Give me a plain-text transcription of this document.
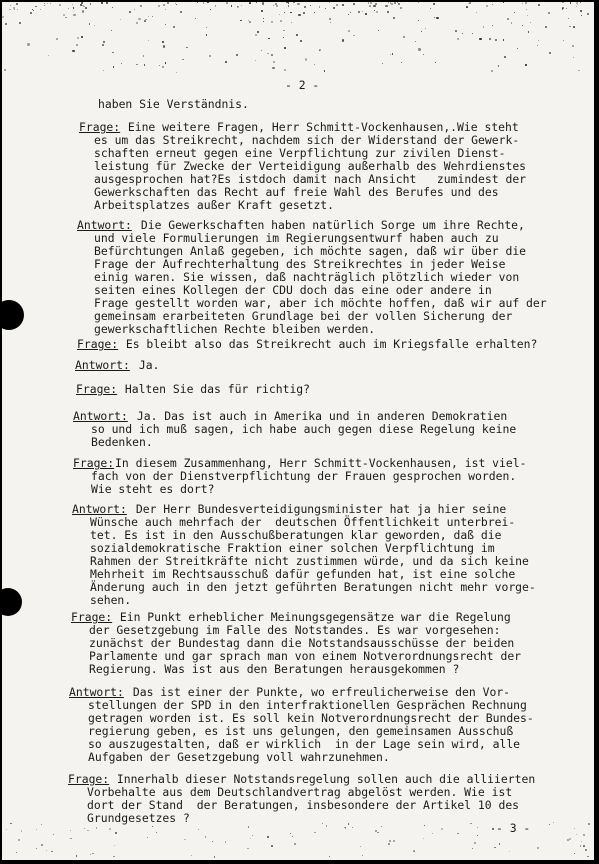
- 2 -
haben Sie Verständnis.
Frage: Eine weitere Fragen, Herr Schmitt-Vockenhausen,.Wie steht
es um das Streikrecht, nachdem sich der Widerstand der Gewerk-
schaften erneut gegen eine Verpflichtung zur zivilen Dienst-
leistung für Zwecke der Verteidigung außerhalb des Wehrdienstes
ausgesprochen hat?Es istdoch damit nach Ansicht   zumindest der
Gewerkschaften das Recht auf freie Wahl des Berufes und des
Arbeitsplatzes außer Kraft gesetzt.
Antwort: Die Gewerkschaften haben natürlich Sorge um ihre Rechte,
und viele Formulierungen im Regierungsentwurf haben auch zu
Befürchtungen Anlaß gegeben, ich möchte sagen, daß wir über die
Frage der Aufrechterhaltung des Streikrechtes in jeder Weise
einig waren. Sie wissen, daß nachträglich plötzlich wieder von
seiten eines Kollegen der CDU doch das eine oder andere in
Frage gestellt worden war, aber ich möchte hoffen, daß wir auf der
gemeinsam erarbeiteten Grundlage bei der vollen Sicherung der
gewerkschaftlichen Rechte bleiben werden.
Frage: Es bleibt also das Streikrecht auch im Kriegsfalle erhalten?
Antwort: Ja.
Frage: Halten Sie das für richtig?
Antwort: Ja. Das ist auch in Amerika und in anderen Demokratien
so und ich muß sagen, ich habe auch gegen diese Regelung keine
Bedenken.
Frage: In diesem Zusammenhang, Herr Schmitt-Vockenhausen, ist viel-
fach von der Dienstverpflichtung der Frauen gesprochen worden.
Wie steht es dort?
Antwort: Der Herr Bundesverteidigungsminister hat ja hier seine
Wünsche auch mehrfach der  deutschen Öffentlichkeit unterbrei-
tet. Es ist in den Ausschußberatungen klar geworden, daß die
sozialdemokratische Fraktion einer solchen Verpflichtung im
Rahmen der Streitkräfte nicht zustimmen würde, und da sich keine
Mehrheit im Rechtsausschuß dafür gefunden hat, ist eine solche
Änderung auch in den jetzt geführten Beratungen nicht mehr vorge-
sehen.
Frage: Ein Punkt erheblicher Meinungsgegensätze war die Regelung
der Gesetzgebung im Falle des Notstandes. Es war vorgesehen:
zunächst der Bundestag dann die Notstandsausschüsse der beiden
Parlamente und gar sprach man von einem Notverordnungsrecht der
Regierung. Was ist aus den Beratungen herausgekommen ?
Antwort: Das ist einer der Punkte, wo erfreulicherweise den Vor-
stellungen der SPD in den interfraktionellen Gesprächen Rechnung
getragen worden ist. Es soll kein Notverordnungsrecht der Bundes-
regierung geben, es ist uns gelungen, den gemeinsamen Ausschuß
so auszugestalten, daß er wirklich  in der Lage sein wird, alle
Aufgaben der Gesetzgebung voll wahrzunehmen.
Frage: Innerhalb dieser Notstandsregelung sollen auch die alliierten
Vorbehalte aus dem Deutschlandvertrag abgelöst werden. Wie ist
dort der Stand  der Beratungen, insbesondere der Artikel 10 des
Grundgesetzes ?
- 3 -
